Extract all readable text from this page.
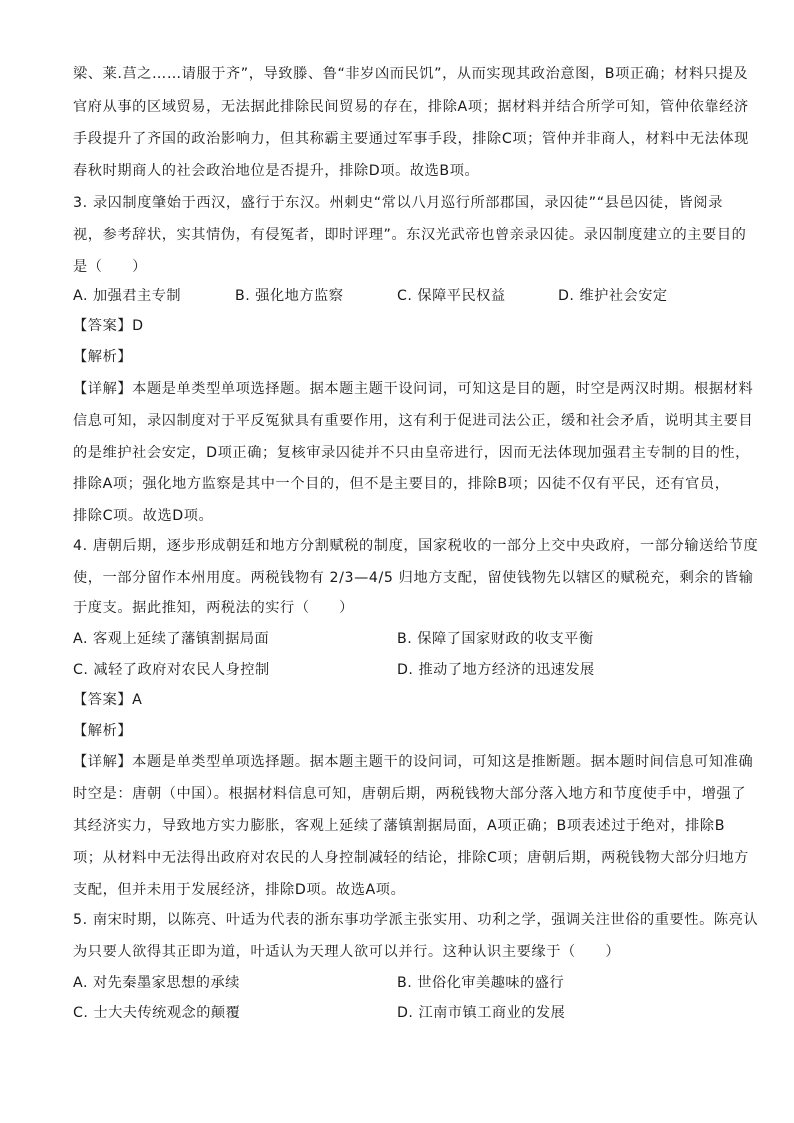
梁、莱.莒之……请服于齐”，导致滕、鲁“非岁凶而民饥”，从而实现其政治意图，B项正确；材料只提及
官府从事的区域贸易，无法据此排除民间贸易的存在，排除A项；据材料并结合所学可知，管仲依靠经济
手段提升了齐国的政治影响力，但其称霸主要通过军事手段，排除C项；管仲并非商人，材料中无法体现
春秋时期商人的社会政治地位是否提升，排除D项。故选B项。
3. 录囚制度肇始于西汉，盛行于东汉。州刺史“常以八月巡行所部郡国，录囚徒”“县邑囚徒，皆阅录
视，参考辞状，实其情伪，有侵冤者，即时评理”。东汉光武帝也曾亲录囚徒。录囚制度建立的主要目的
是（　　）
A. 加强君主专制	B. 强化地方监察	C. 保障平民权益	D. 维护社会安定
【答案】D
【解析】
【详解】本题是单类型单项选择题。据本题主题干设问词，可知这是目的题，时空是两汉时期。根据材料
信息可知，录囚制度对于平反冤狱具有重要作用，这有利于促进司法公正，缓和社会矛盾，说明其主要目
的是维护社会安定，D项正确；复核审录囚徒并不只由皇帝进行，因而无法体现加强君主专制的目的性，
排除A项；强化地方监察是其中一个目的，但不是主要目的，排除B项；囚徒不仅有平民，还有官员，
排除C项。故选D项。
4. 唐朝后期，逐步形成朝廷和地方分割赋税的制度，国家税收的一部分上交中央政府，一部分输送给节度
使，一部分留作本州用度。两税钱物有 2/3—4/5 归地方支配，留使钱物先以辖区的赋税充，剩余的皆输
于度支。据此推知，两税法的实行（　　）
A. 客观上延续了藩镇割据局面	B. 保障了国家财政的收支平衡
C. 减轻了政府对农民人身控制	D. 推动了地方经济的迅速发展
【答案】A
【解析】
【详解】本题是单类型单项选择题。据本题主题干的设问词，可知这是推断题。据本题时间信息可知准确
时空是：唐朝（中国）。根据材料信息可知，唐朝后期，两税钱物大部分落入地方和节度使手中，增强了
其经济实力，导致地方实力膨胀，客观上延续了藩镇割据局面，A项正确；B项表述过于绝对，排除B
项；从材料中无法得出政府对农民的人身控制减轻的结论，排除C项；唐朝后期，两税钱物大部分归地方
支配，但并未用于发展经济，排除D项。故选A项。
5. 南宋时期，以陈亮、叶适为代表的浙东事功学派主张实用、功利之学，强调关注世俗的重要性。陈亮认
为只要人欲得其正即为道，叶适认为天理人欲可以并行。这种认识主要缘于（　　）
A. 对先秦墨家思想的承续	B. 世俗化审美趣味的盛行
C. 士大夫传统观念的颠覆	D. 江南市镇工商业的发展
